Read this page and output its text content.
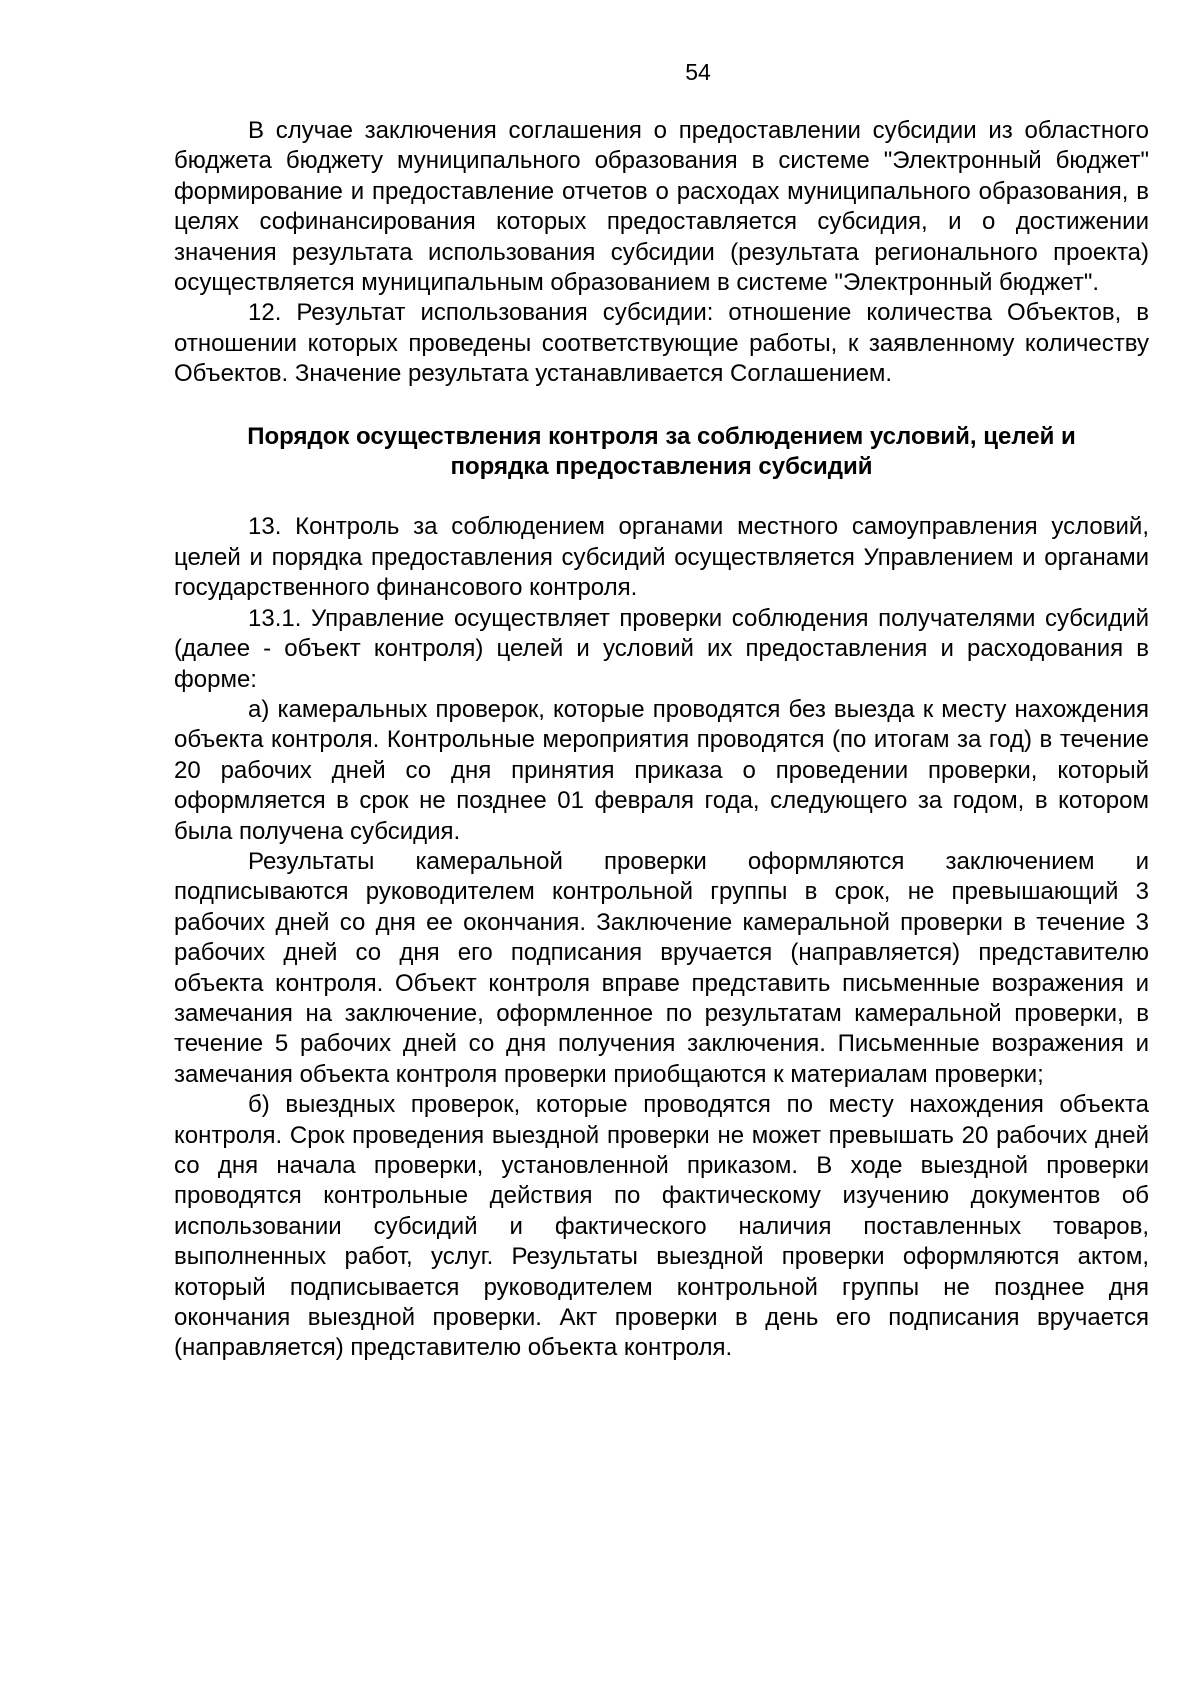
54

В случае заключения соглашения о предоставлении субсидии из областного бюджета бюджету муниципального образования в системе "Электронный бюджет" формирование и предоставление отчетов о расходах муниципального образования, в целях софинансирования которых предоставляется субсидия, и о достижении значения результата использования субсидии (результата регионального проекта) осуществляется муниципальным образованием в системе "Электронный бюджет".

12. Результат использования субсидии: отношение количества Объектов, в отношении которых проведены соответствующие работы, к заявленному количеству Объектов. Значение результата устанавливается Соглашением.

Порядок осуществления контроля за соблюдением условий, целей и
порядка предоставления субсидий

13. Контроль за соблюдением органами местного самоуправления условий, целей и порядка предоставления субсидий осуществляется Управлением и органами государственного финансового контроля.

13.1. Управление осуществляет проверки соблюдения получателями субсидий (далее - объект контроля) целей и условий их предоставления и расходования в форме:

а) камеральных проверок, которые проводятся без выезда к месту нахождения объекта контроля. Контрольные мероприятия проводятся (по итогам за год) в течение 20 рабочих дней со дня принятия приказа о проведении проверки, который оформляется в срок не позднее 01 февраля года, следующего за годом, в котором была получена субсидия.

Результаты камеральной проверки оформляются заключением и подписываются руководителем контрольной группы в срок, не превышающий 3 рабочих дней со дня ее окончания. Заключение камеральной проверки в течение 3 рабочих дней со дня его подписания вручается (направляется) представителю объекта контроля. Объект контроля вправе представить письменные возражения и замечания на заключение, оформленное по результатам камеральной проверки, в течение 5 рабочих дней со дня получения заключения. Письменные возражения и замечания объекта контроля проверки приобщаются к материалам проверки;

б) выездных проверок, которые проводятся по месту нахождения объекта контроля. Срок проведения выездной проверки не может превышать 20 рабочих дней со дня начала проверки, установленной приказом. В ходе выездной проверки проводятся контрольные действия по фактическому изучению документов об использовании субсидий и фактического наличия поставленных товаров, выполненных работ, услуг. Результаты выездной проверки оформляются актом, который подписывается руководителем контрольной группы не позднее дня окончания выездной проверки. Акт проверки в день его подписания вручается (направляется) представителю объекта контроля.
